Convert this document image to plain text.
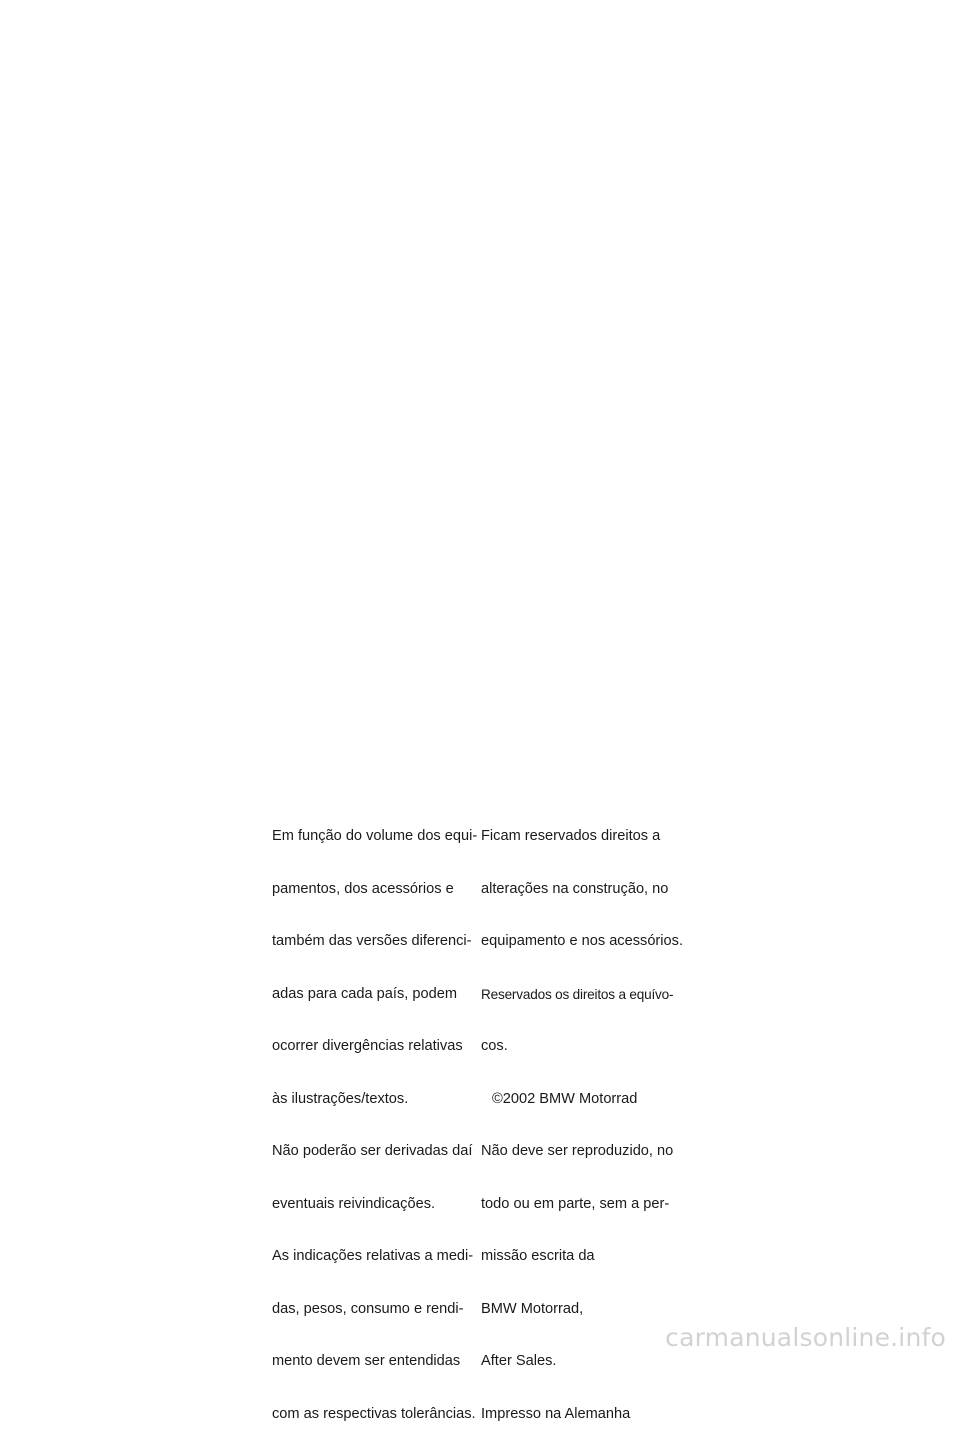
Em função do volume dos equi-

pamentos, dos acessórios e

também das versões diferenci-

adas para cada país, podem

ocorrer divergências relativas

às ilustrações/textos.

Não poderão ser derivadas daí

eventuais reivindicações.

As indicações relativas a medi-

das, pesos, consumo e rendi-

mento devem ser entendidas

com as respectivas tolerâncias.

Ficam reservados direitos a

alterações na construção, no

equipamento e nos acessórios.

Reservados os direitos a equívo-

cos.

©2002 BMW Motorrad

Não deve ser reproduzido, no

todo ou em parte, sem a per-

missão escrita da

BMW Motorrad,

After Sales.

Impresso na Alemanha

carmanualsonline.info
